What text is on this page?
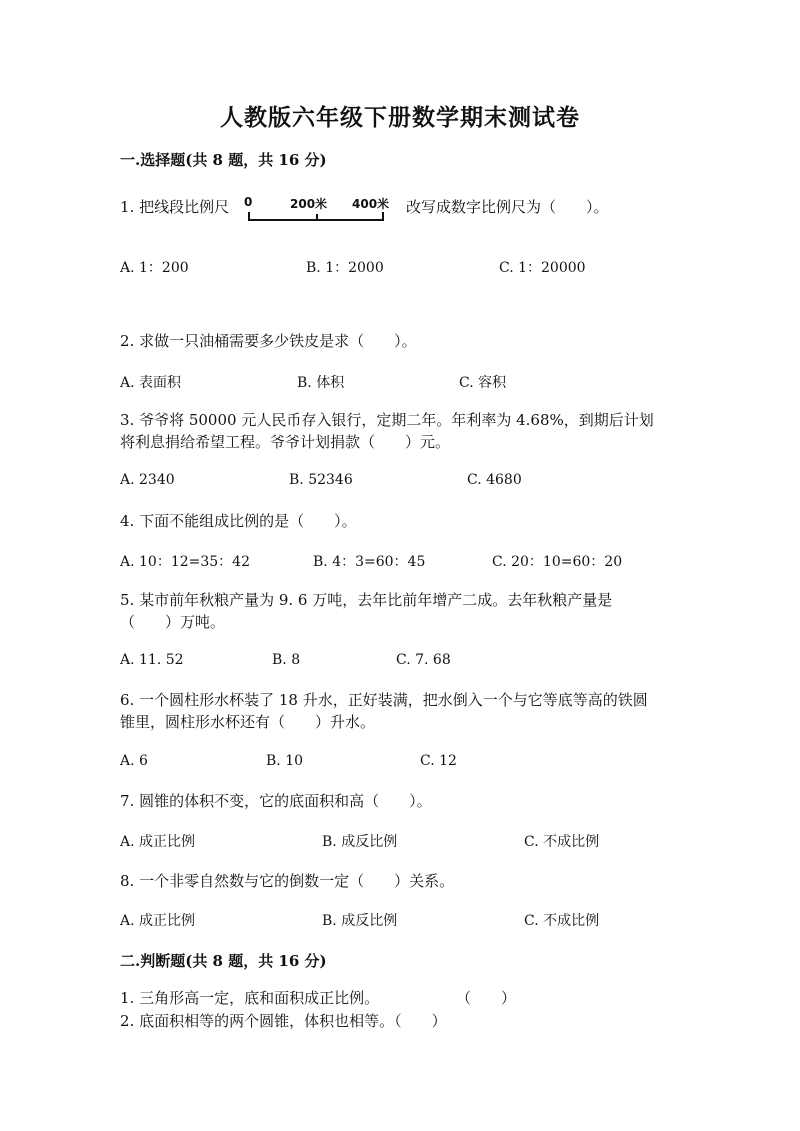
人教版六年级下册数学期末测试卷
一.选择题(共 8 题，共 16 分)
1. 把线段比例尺 0	200米 400米 改写成数字比例尺为（　　）。
A. 1：200	B. 1：2000	C. 1：20000
2. 求做一只油桶需要多少铁皮是求（　　）。
A. 表面积	B. 体积	C. 容积
3. 爷爷将 50000 元人民币存入银行，定期二年。年利率为 4.68%，到期后计划
将利息捐给希望工程。爷爷计划捐款（　　）元。
A. 2340	B. 52346	C. 4680
4. 下面不能组成比例的是（　　）。
A. 10：12=35：42	B. 4：3=60：45	C. 20：10=60：20
5. 某市前年秋粮产量为 9. 6 万吨，去年比前年增产二成。去年秋粮产量是
（　　）万吨。
A. 11. 52	B. 8	C. 7. 68
6. 一个圆柱形水杯装了 18 升水，正好装满，把水倒入一个与它等底等高的铁圆
锥里，圆柱形水杯还有（　　）升水。
A. 6	B. 10	C. 12
7. 圆锥的体积不变，它的底面积和高（　　）。
A. 成正比例	B. 成反比例	C. 不成比例
8. 一个非零自然数与它的倒数一定（　　）关系。
A. 成正比例	B. 成反比例	C. 不成比例
二.判断题(共 8 题，共 16 分)
1. 三角形高一定，底和面积成正比例。	（　　）
2. 底面积相等的两个圆锥，体积也相等。（　　）
